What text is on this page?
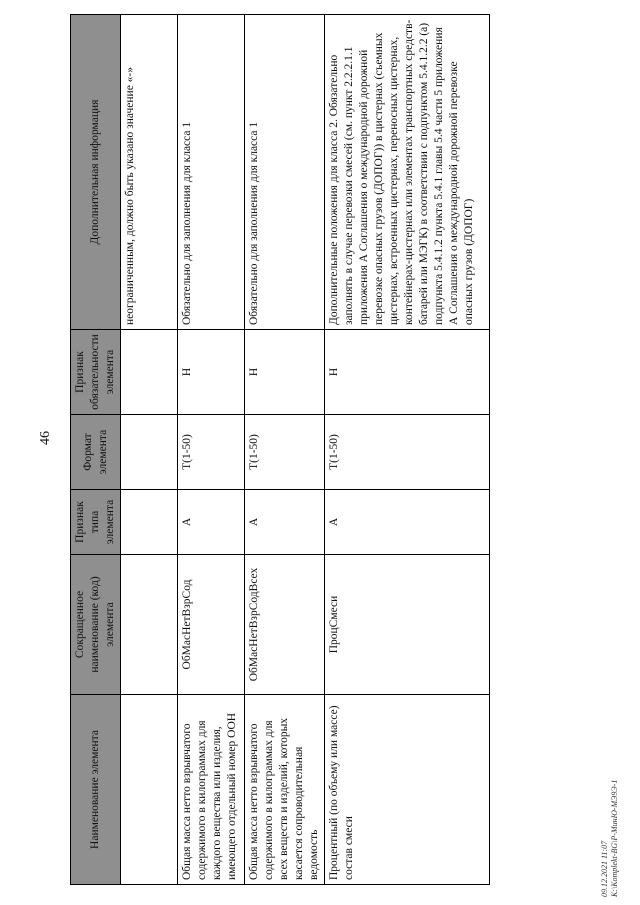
46
Наименование элемента	Сокращенное наименование (код) элемента	Признак типа элемента	Формат элемента	Признак обязательности элемента	Дополнительная информация
					неограниченным, должно быть указано значение «-»
Общая масса нетто взрывчатого содержимого в килограммах для каждого вещества или изделия, имеющего отдельный номер ООН	ОбМасНетВзрСод	А	T(1-50)	Н	Обязательно для заполнения для класса 1
Общая масса нетто взрывчатого содержимого в килограммах для всех веществ и изделий, которых касается сопроводительная ведомость	ОбМасНетВзрСодВсех	А	T(1-50)	Н	Обязательно для заполнения для класса 1
Процентный (по объему или массе) состав смеси	ПроцСмеси	А	T(1-50)	Н	Дополнительные положения для класса 2. Обязательно заполнять в случае перевозки смесей (см. пункт 2.2.2.1.1 приложения А Соглашения о международной дорожной перевозке опасных грузов (ДОПОГ)) в цистернах (съемных цистернах, встроенных цистернах, переносных цистернах, контейнерах-цистернах или элементах транспортных средств-батарей или МЭГК) в соответствии с подпунктом 5.4.1.2.2 (a) подпункта 5.4.1.2 пункта 5.4.1 главы 5.4 части 5 приложения А Соглашения о международной дорожной перевозке опасных грузов (ДОПОГ)
09.12.2021 11:07 К:\Komplekt-ВG\Р-МинЮ-МЭ9Э-1
